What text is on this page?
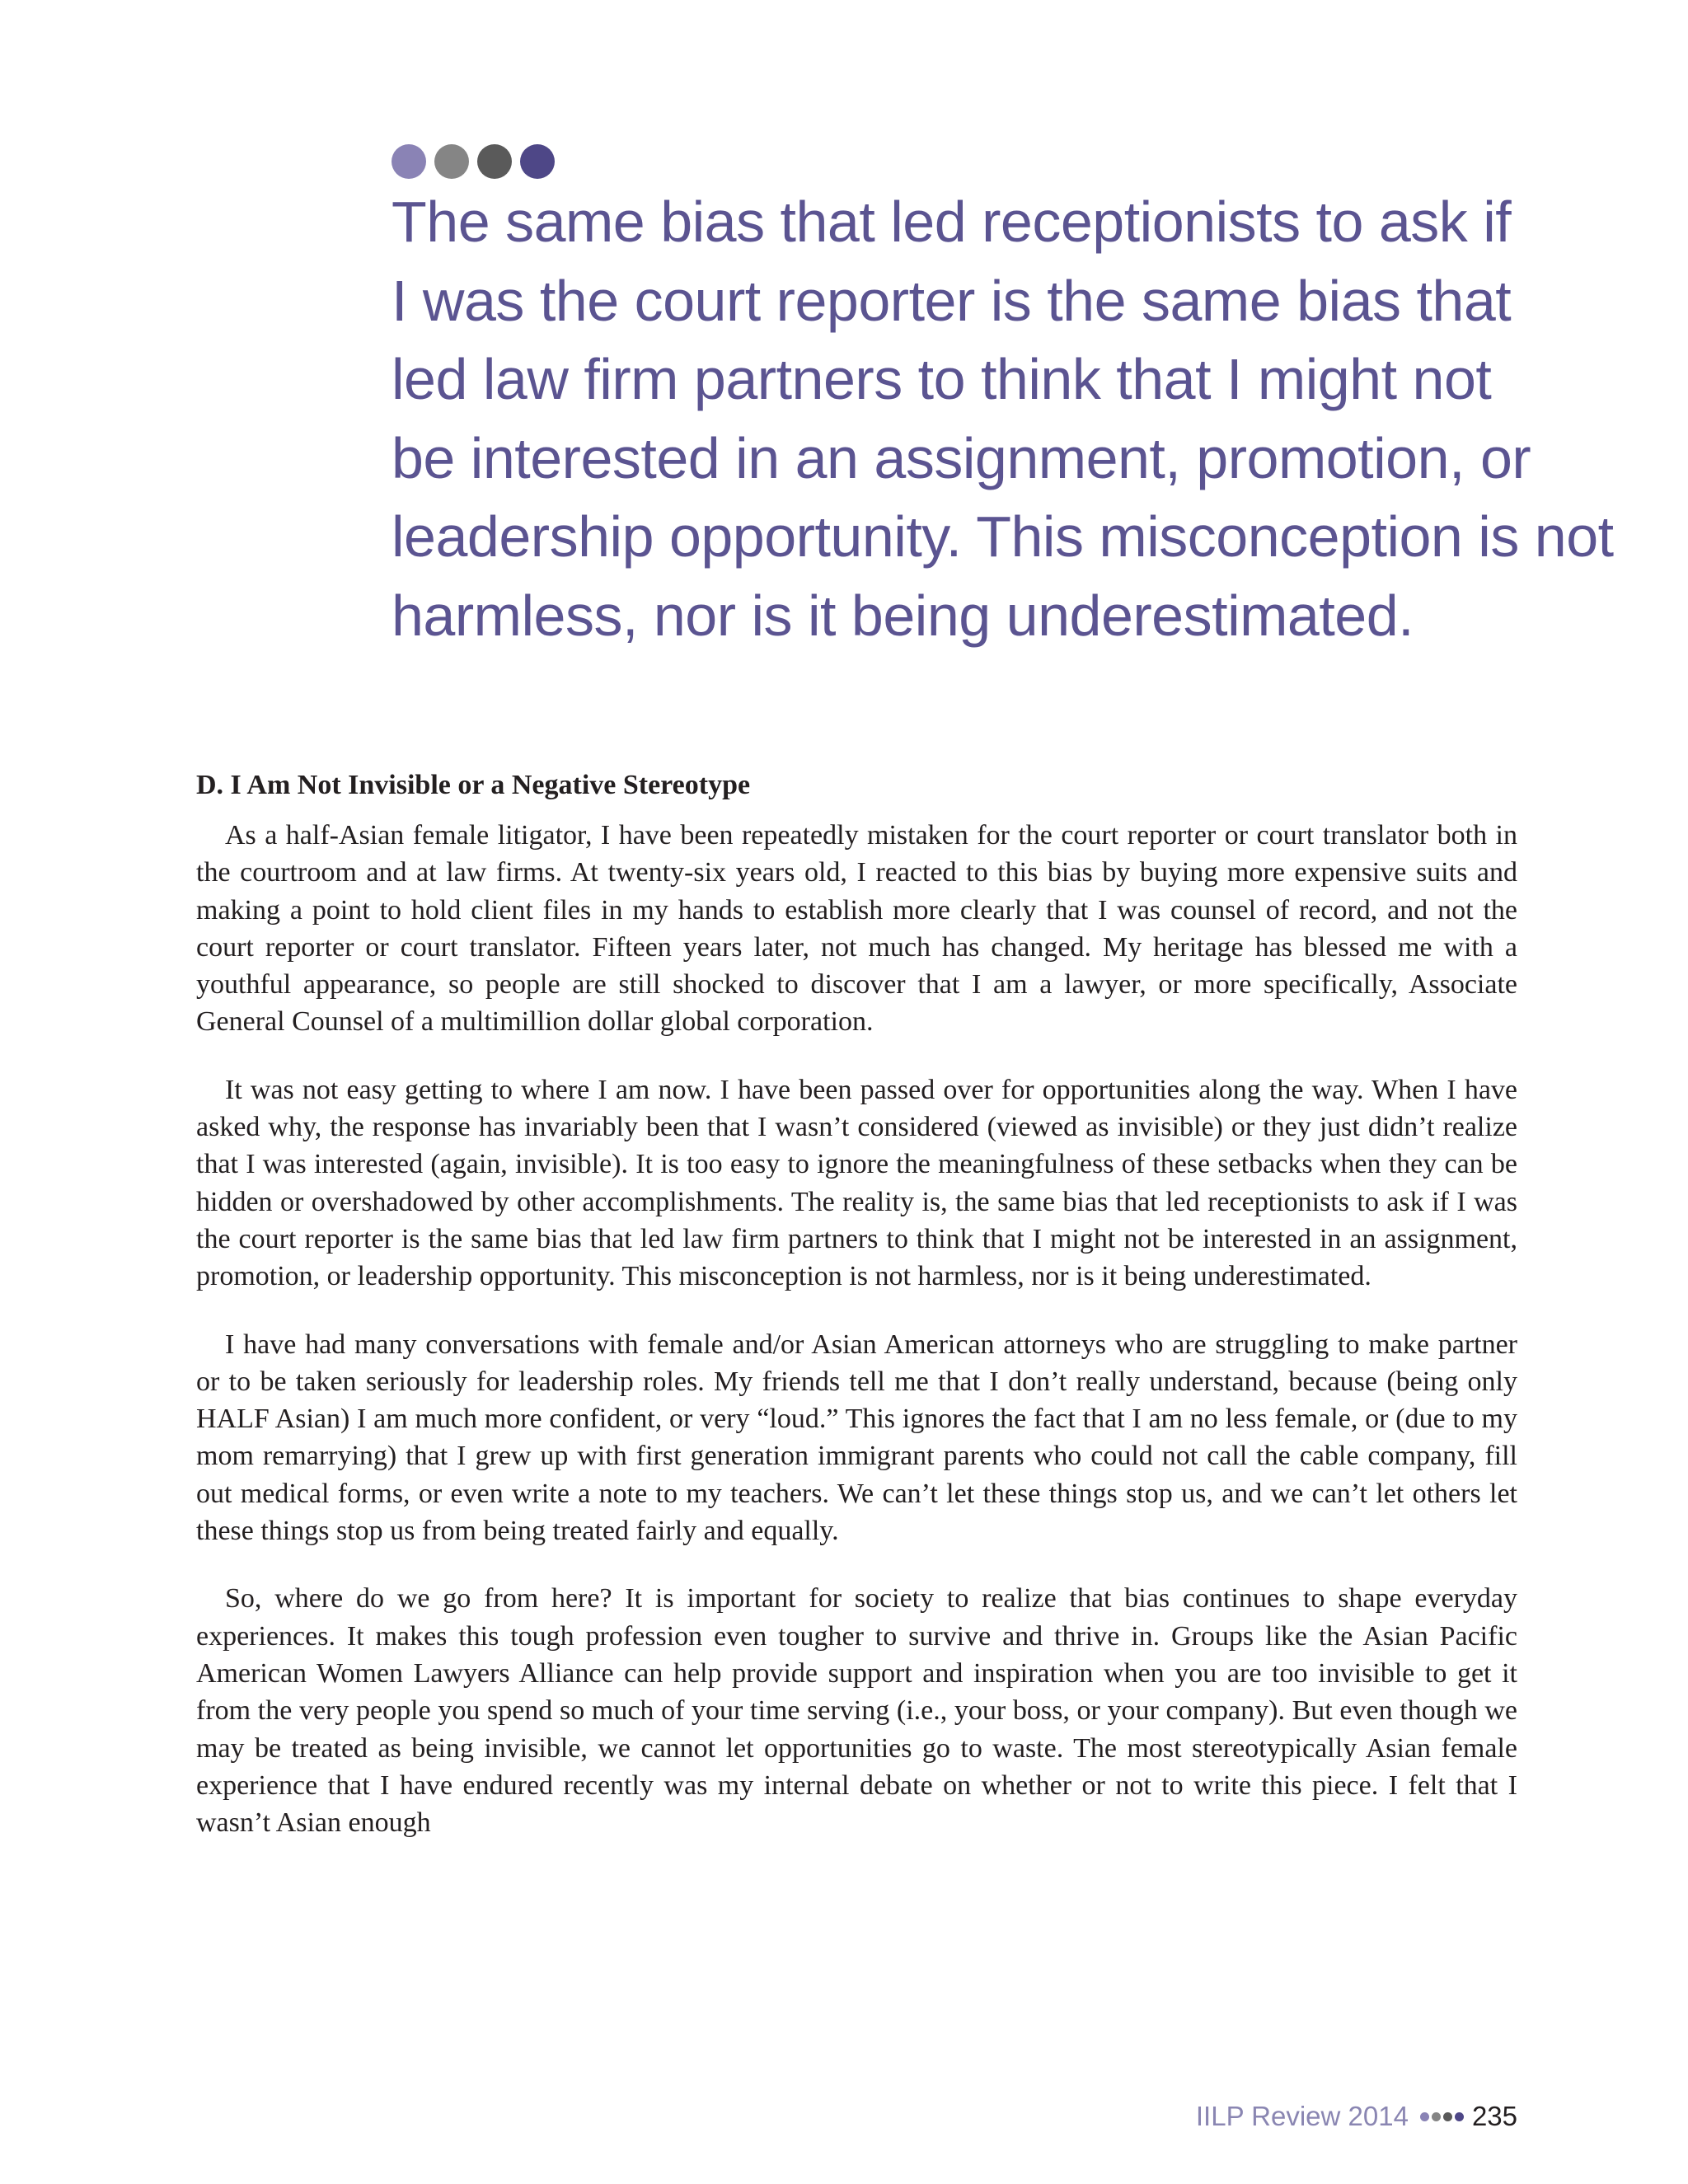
The same bias that led receptionists to ask if
I was the court reporter is the same bias that
led law firm partners to think that I might not
be interested in an assignment, promotion, or
leadership opportunity. This misconception is not
harmless, nor is it being underestimated.
D. I Am Not Invisible or a Negative Stereotype

As a half-Asian female litigator, I have been repeatedly mistaken for the court reporter or court translator both in the courtroom and at law firms. At twenty-six years old, I reacted to this bias by buying more expensive suits and making a point to hold client files in my hands to establish more clearly that I was counsel of record, and not the court reporter or court translator. Fifteen years later, not much has changed. My heritage has blessed me with a youthful appearance, so people are still shocked to discover that I am a lawyer, or more specifically, Associate General Counsel of a multimillion dollar global corporation.

It was not easy getting to where I am now. I have been passed over for opportunities along the way. When I have asked why, the response has invariably been that I wasn’t considered (viewed as invisible) or they just didn’t realize that I was interested (again, invisible). It is too easy to ignore the meaningfulness of these setbacks when they can be hidden or overshadowed by other accomplishments. The reality is, the same bias that led receptionists to ask if I was the court reporter is the same bias that led law firm partners to think that I might not be interested in an assignment, promotion, or leadership opportunity. This misconception is not harmless, nor is it being underestimated.

I have had many conversations with female and/or Asian American attorneys who are struggling to make partner or to be taken seriously for leadership roles. My friends tell me that I don’t really understand, because (being only HALF Asian) I am much more confident, or very “loud.” This ignores the fact that I am no less female, or (due to my mom remarrying) that I grew up with first generation immigrant parents who could not call the cable company, fill out medical forms, or even write a note to my teachers. We can’t let these things stop us, and we can’t let others let these things stop us from being treated fairly and equally.

So, where do we go from here? It is important for society to realize that bias continues to shape everyday experiences. It makes this tough profession even tougher to survive and thrive in. Groups like the Asian Pacific American Women Lawyers Alliance can help provide support and inspiration when you are too invisible to get it from the very people you spend so much of your time serving (i.e., your boss, or your company). But even though we may be treated as being invisible, we cannot let opportunities go to waste. The most stereotypically Asian female experience that I have endured recently was my internal debate on whether or not to write this piece. I felt that I wasn’t Asian enough

IILP Review 2014 235
